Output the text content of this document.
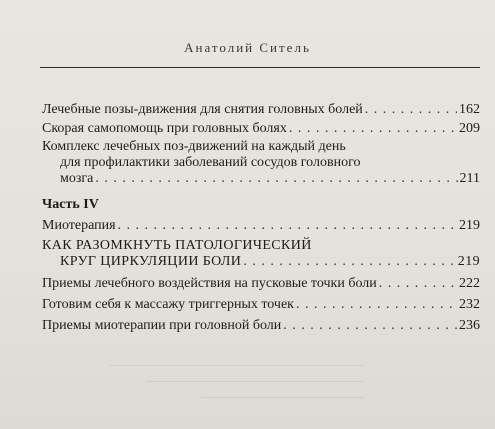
Анатолий Ситель
Лечебные позы-движения для снятия головных болей . . .	162
Скорая самопомощь при головных болях . . .	209
Комплекс лечебных поз-движений на каждый день
для профилактики заболеваний сосудов головного
мозга . . .	211
Часть IV
Миотерапия . . .	219
КАК РАЗОМКНУТЬ ПАТОЛОГИЧЕСКИЙ
КРУГ ЦИРКУЛЯЦИИ БОЛИ . . .	219
Приемы лечебного воздействия на пусковые точки боли . . .	222
Готовим себя к массажу триггерных точек . . .	232
Приемы миотерапии при головной боли . . .	236
